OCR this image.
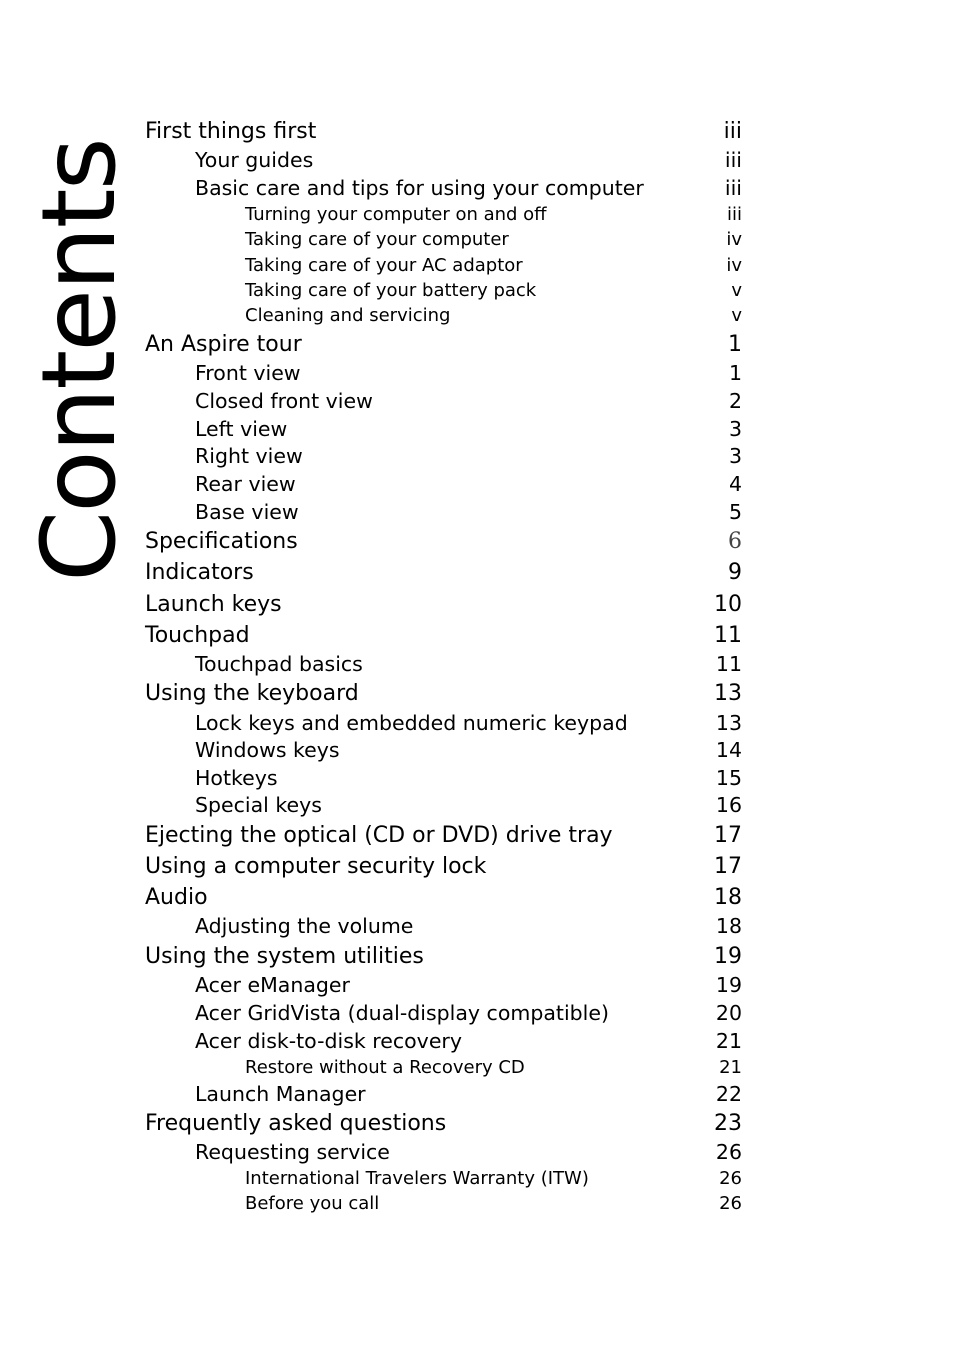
Contents
First things first	iii
Your guides	iii
Basic care and tips for using your computer	iii
Turning your computer on and off	iii
Taking care of your computer	iv
Taking care of your AC adaptor	iv
Taking care of your battery pack	v
Cleaning and servicing	v
An Aspire tour	1
Front view	1
Closed front view	2
Left view	3
Right view	3
Rear view	4
Base view	5
Specifications	6
Indicators	9
Launch keys	10
Touchpad	11
Touchpad basics	11
Using the keyboard	13
Lock keys and embedded numeric keypad	13
Windows keys	14
Hotkeys	15
Special keys	16
Ejecting the optical (CD or DVD) drive tray	17
Using a computer security lock	17
Audio	18
Adjusting the volume	18
Using the system utilities	19
Acer eManager	19
Acer GridVista (dual-display compatible)	20
Acer disk-to-disk recovery	21
Restore without a Recovery CD	21
Launch Manager	22
Frequently asked questions	23
Requesting service	26
International Travelers Warranty (ITW)	26
Before you call	26
